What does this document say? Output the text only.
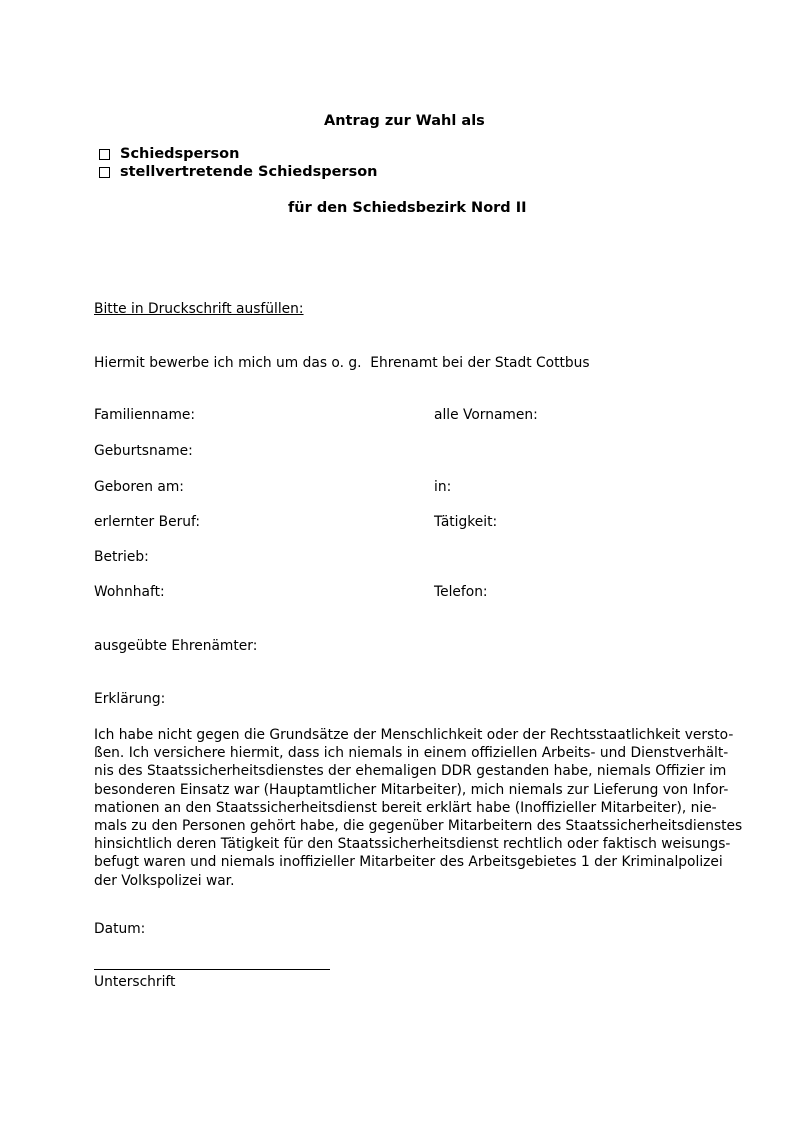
Antrag zur Wahl als
Schiedsperson
stellvertretende Schiedsperson
für den Schiedsbezirk Nord II
Bitte in Druckschrift ausfüllen:
Hiermit bewerbe ich mich um das o. g.  Ehrenamt bei der Stadt Cottbus
Familienname:	alle Vornamen:
Geburtsname:
Geboren am:	in:
erlernter Beruf:	Tätigkeit:
Betrieb:
Wohnhaft:	Telefon:
ausgeübte Ehrenämter:
Erklärung:
Ich habe nicht gegen die Grundsätze der Menschlichkeit oder der Rechtsstaatlichkeit versto-
ßen. Ich versichere hiermit, dass ich niemals in einem offiziellen Arbeits- und Dienstverhält-
nis des Staatssicherheitsdienstes der ehemaligen DDR gestanden habe, niemals Offizier im
besonderen Einsatz war (Hauptamtlicher Mitarbeiter), mich niemals zur Lieferung von Infor-
mationen an den Staatssicherheitsdienst bereit erklärt habe (Inoffizieller Mitarbeiter), nie-
mals zu den Personen gehört habe, die gegenüber Mitarbeitern des Staatssicherheitsdienstes
hinsichtlich deren Tätigkeit für den Staatssicherheitsdienst rechtlich oder faktisch weisungs-
befugt waren und niemals inoffizieller Mitarbeiter des Arbeitsgebietes 1 der Kriminalpolizei
der Volkspolizei war.
Datum:
Unterschrift
